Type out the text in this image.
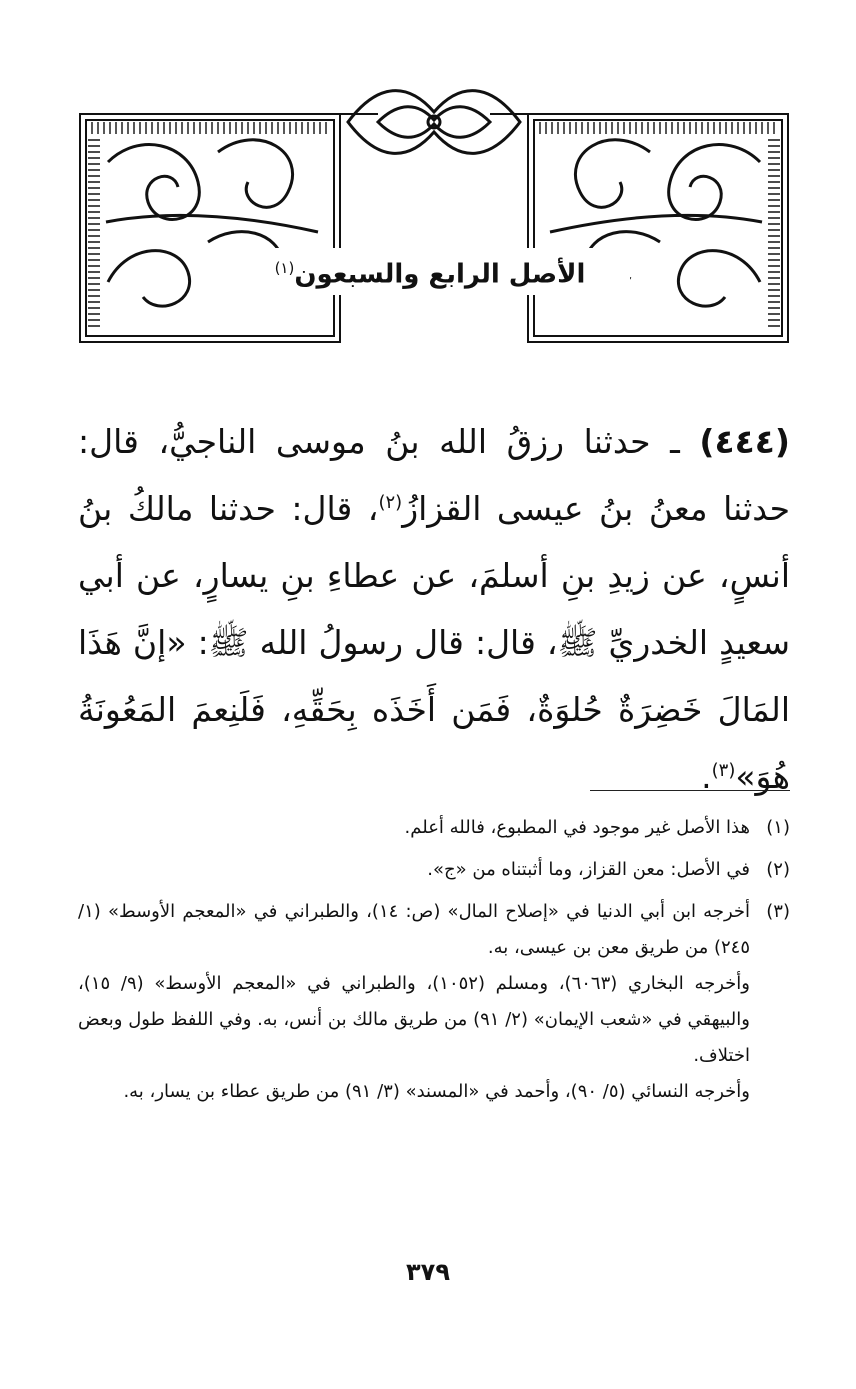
الأصل الرابع والسبعون$^{(١)}$
(٤٤٤) ـ حدثنا رزقُ الله بنُ موسى الناجيُّ، قال: حدثنا معنُ بنُ عيسى القزازُ$^{(٢)}$، قال: حدثنا مالكُ بنُ أنسٍ، عن زيدِ بنِ أسلمَ، عن عطاءِ بنِ يسارٍ، عن أبي سعيدٍ الخدريِّ ﷺ، قال: قال رسولُ الله ﷺ: «إنَّ هَذَا المَالَ خَضِرَةٌ حُلوَةٌ، فَمَن أَخَذَه بِحَقِّهِ، فَلَنِعمَ المَعُونَةُ هُوَ»$^{(٣)}$.
(١)
هذا الأصل غير موجود في المطبوع، فالله أعلم.
(٢)
في الأصل: معن القزاز، وما أثبتناه من «ج».
(٣)
أخرجه ابن أبي الدنيا في «إصلاح المال» (ص: ١٤)، والطبراني في «المعجم الأوسط» (١/ ٢٤٥) من طريق معن بن عيسى، به.
وأخرجه البخاري (٦٠٦٣)، ومسلم (١٠٥٢)، والطبراني في «المعجم الأوسط» (٩/ ١٥)، والبيهقي في «شعب الإيمان» (٢/ ٩١) من طريق مالك بن أنس، به. وفي اللفظ طول وبعض اختلاف.
وأخرجه النسائي (٥/ ٩٠)، وأحمد في «المسند» (٣/ ٩١) من طريق عطاء بن يسار، به.
٣٧٩
